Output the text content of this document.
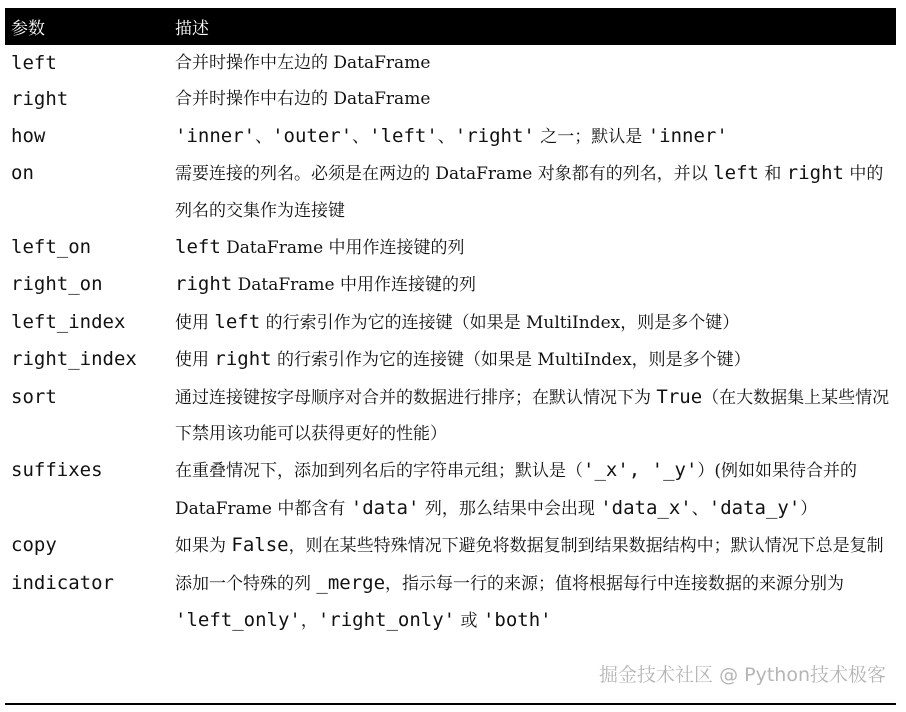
参数	描述
left	合并时操作中左边的 DataFrame
right	合并时操作中右边的 DataFrame
how	'inner'、'outer'、'left'、'right' 之一；默认是 'inner'
on	需要连接的列名。必须是在两边的 DataFrame 对象都有的列名，并以 left 和 right 中的列名的交集作为连接键
left_on	left DataFrame 中用作连接键的列
right_on	right DataFrame 中用作连接键的列
left_index	使用 left 的行索引作为它的连接键（如果是 MultiIndex，则是多个键）
right_index	使用 right 的行索引作为它的连接键（如果是 MultiIndex，则是多个键）
sort	通过连接键按字母顺序对合并的数据进行排序；在默认情况下为 True（在大数据集上某些情况下禁用该功能可以获得更好的性能）
suffixes	在重叠情况下，添加到列名后的字符串元组；默认是（'_x', '_y'）(例如如果待合并的 DataFrame 中都含有 'data' 列，那么结果中会出现 'data_x'、'data_y'）
copy	如果为 False，则在某些特殊情况下避免将数据复制到结果数据结构中；默认情况下总是复制
indicator	添加一个特殊的列 _merge，指示每一行的来源；值将根据每行中连接数据的来源分别为 'left_only'，'right_only' 或 'both'
掘金技术社区 @ Python技术极客
